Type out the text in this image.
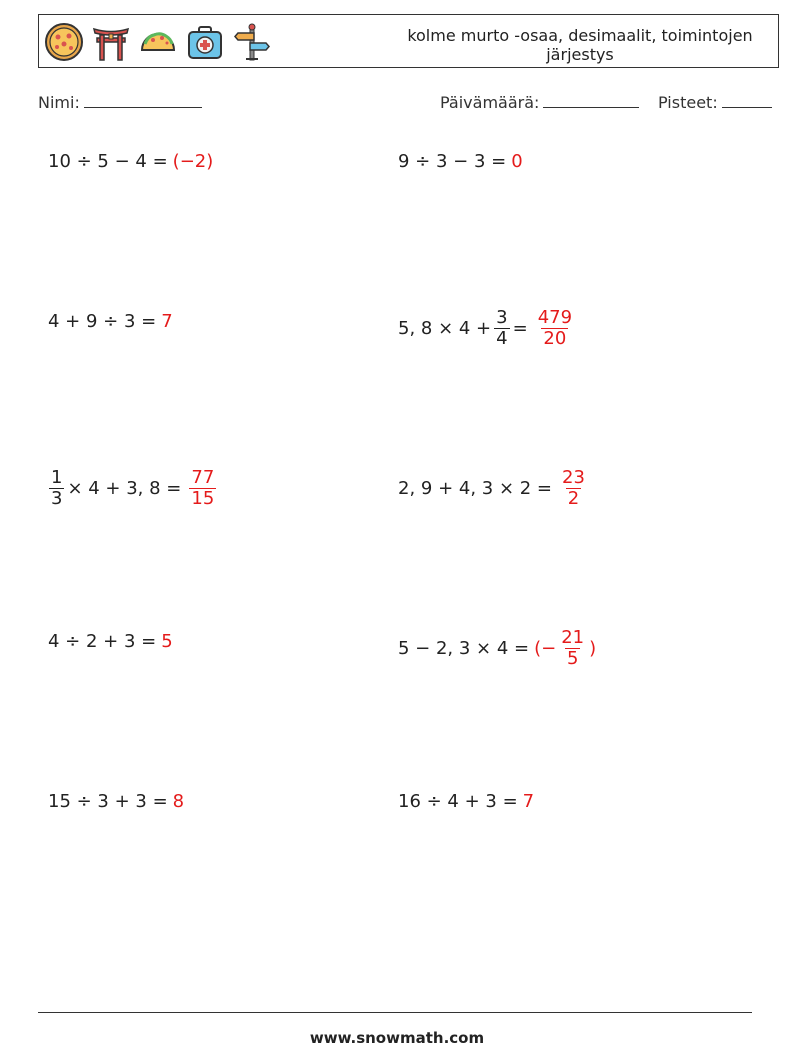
kolme murto -osaa, desimaalit, toimintojen järjestys
Nimi:	Päivämäärä:	Pisteet:
10 ÷ 5 − 4 = (−2)	9 ÷ 3 − 3 = 0
4 + 9 ÷ 3 = 7	5, $8 \times 4 + \frac{3}{4} = \frac{479}{20}$
$\frac{1}{3} \times 4 + 3$, $8 = \frac{77}{15}$	2, 9 + 4, $3 \times 2 = \frac{23}{2}$
4 ÷ 2 + 3 = 5	5 − 2, 3 × 4 = (− $\frac{21}{5}$ )
15 ÷ 3 + 3 = 8	16 ÷ 4 + 3 = 7
www.snowmath.com
